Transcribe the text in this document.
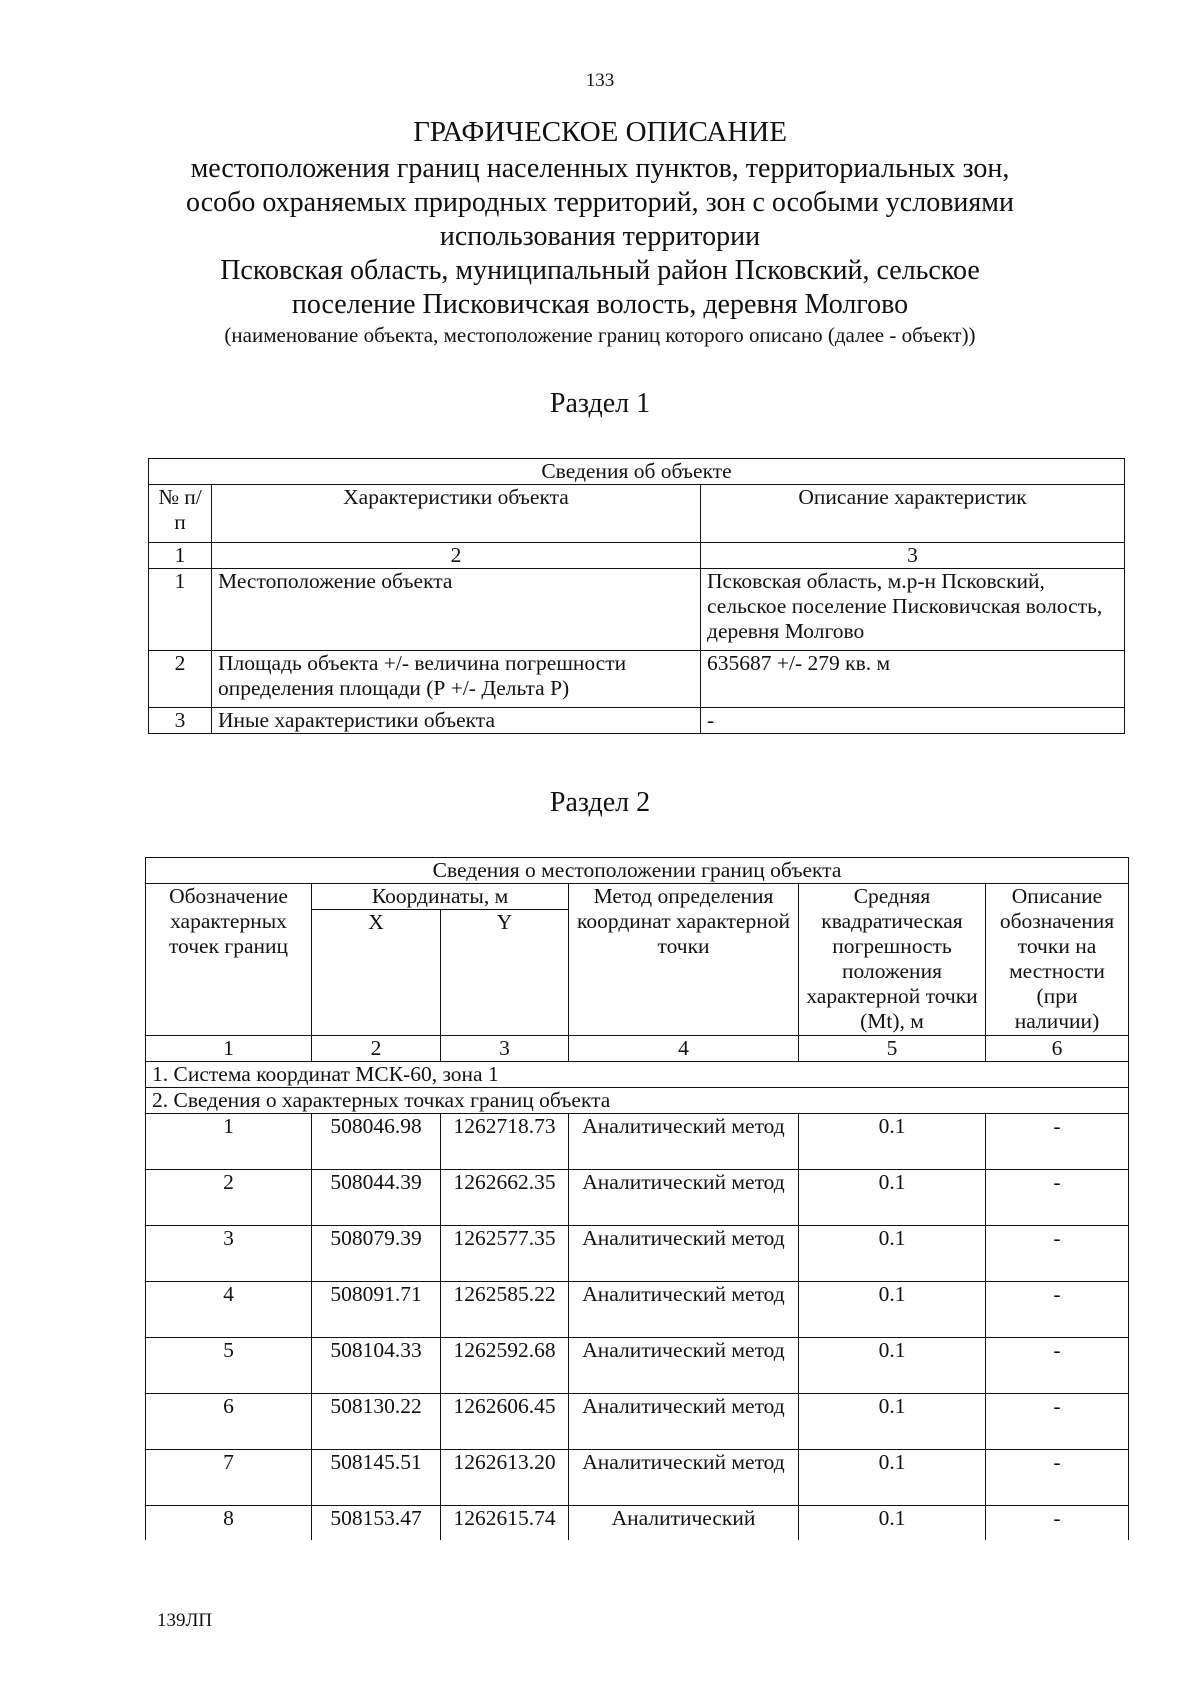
133
ГРАФИЧЕСКОЕ ОПИСАНИЕ
местоположения границ населенных пунктов, территориальных зон,
особо охраняемых природных территорий, зон с особыми условиями
использования территории
Псковская область, муниципальный район Псковский, сельское
поселение Писковичская волость, деревня Молгово
(наименование объекта, местоположение границ которого описано (далее - объект))
Раздел 1
Сведения об объекте		
№ п/п	Характеристики объекта	Описание характеристик
1	2	3
1	Местоположение объекта	Псковская область, м.р-н Псковский, сельское поселение Писковичская волость, деревня Молгово
2	Площадь объекта +/- величина погрешности определения площади (Р +/- Дельта Р)	635687 +/- 279 кв. м
3	Иные характеристики объекта	-
Раздел 2
Сведения о местоположении границ объекта					
Обозначение характерных точек границ	Координаты, м		Метод определения координат характерной точки	Средняя квадратическая погрешность положения характерной точки (Mt), м	Описание обозначения точки на местности (при наличии)
	X	Y			
1	2	3	4	5	6
1. Система координат МСК-60, зона 1					
2. Сведения о характерных точках границ объекта					
1	508046.98	1262718.73	Аналитический метод	0.1	-
2	508044.39	1262662.35	Аналитический метод	0.1	-
3	508079.39	1262577.35	Аналитический метод	0.1	-
4	508091.71	1262585.22	Аналитический метод	0.1	-
5	508104.33	1262592.68	Аналитический метод	0.1	-
6	508130.22	1262606.45	Аналитический метод	0.1	-
7	508145.51	1262613.20	Аналитический метод	0.1	-
8	508153.47	1262615.74	Аналитический	0.1	-
139ЛП
